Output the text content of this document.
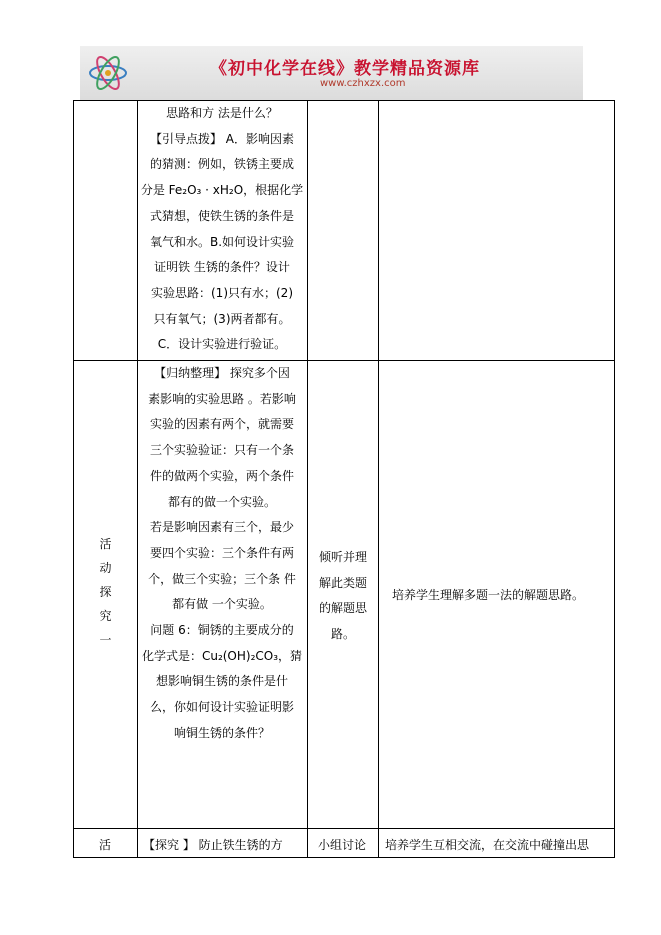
《初中化学在线》教学精品资源库
www.czhxzx.com

思路和方 法是什么？

【引导点拨】 A．影响因素

的猜测：例如，铁锈主要成

分是 Fe₂O₃ · xH₂O，根据化学

式猜想，使铁生锈的条件是

氧气和水。B.如何设计实验

证明铁 生锈的条件？设计

实验思路：(1)只有水；(2)

只有氧气；(3)两者都有。

C．设计实验进行验证。

活

动

探

究

一

【归纳整理】 探究多个因

素影响的实验思路 。若影响

实验的因素有两个，就需要

三个实验验证：只有一个条

件的做两个实验，两个条件

都有的做一个实验。

若是影响因素有三个，最少

要四个实验：三个条件有两

个，做三个实验；三个条 件

都有做 一个实验。

问题 6：铜锈的主要成分的

化学式是：Cu₂(OH)₂CO₃，猜

想影响铜生锈的条件是什

么，你如何设计实验证明影

响铜生锈的条件？

倾听并理

解此类题

的解题思

路。

培养学生理解多题一法的解题思路。
活	【探究 】 防止铁生锈的方	小组讨论 培养学生互相交流，在交流中碰撞出思
